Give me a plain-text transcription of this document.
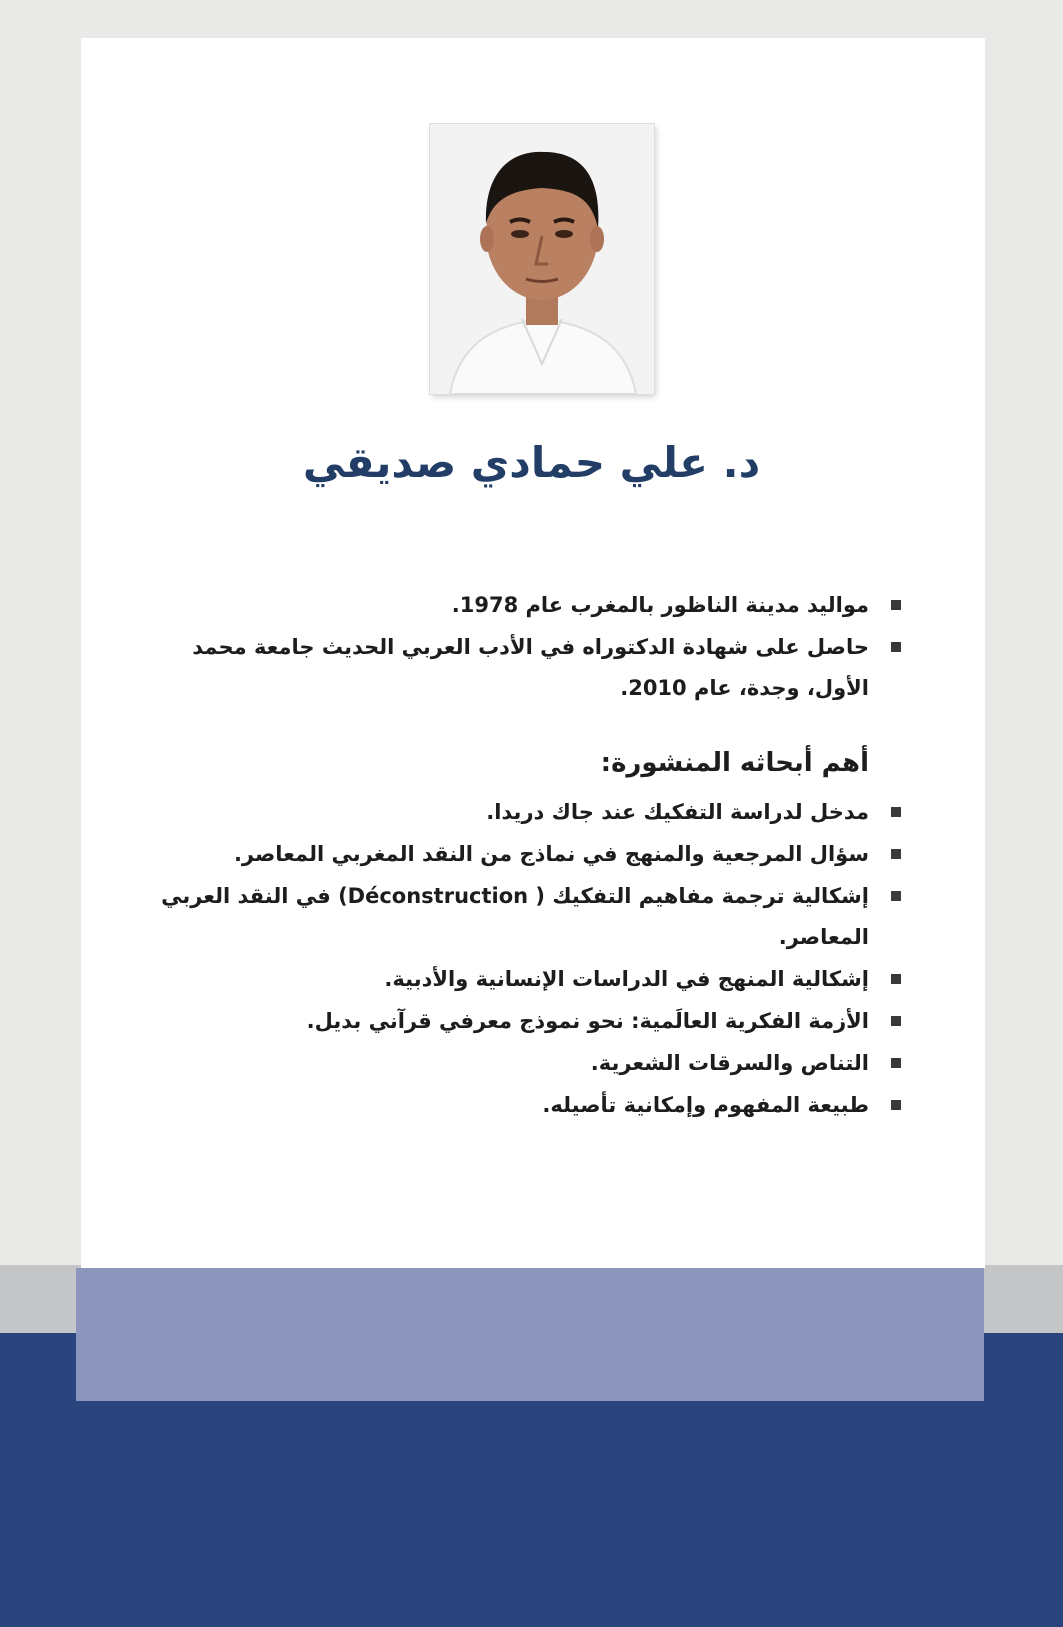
د. علي حمادي صديقي
مواليد مدينة الناظور بالمغرب عام 1978.
حاصل على شهادة الدكتوراه في الأدب العربي الحديث جامعة محمد الأول، وجدة، عام 2010.
أهم أبحاثه المنشورة:
مدخل لدراسة التفكيك عند جاك دريدا.
سؤال المرجعية والمنهج في نماذج من النقد المغربي المعاصر.
إشكالية ترجمة مفاهيم التفكيك ( Déconstruction) في النقد العربي المعاصر.
إشكالية المنهج في الدراسات الإنسانية والأدبية.
الأزمة الفكرية العالَمية: نحو نموذج معرفي قرآني بديل.
التناص والسرقات الشعرية.
طبيعة المفهوم وإمكانية تأصيله.
